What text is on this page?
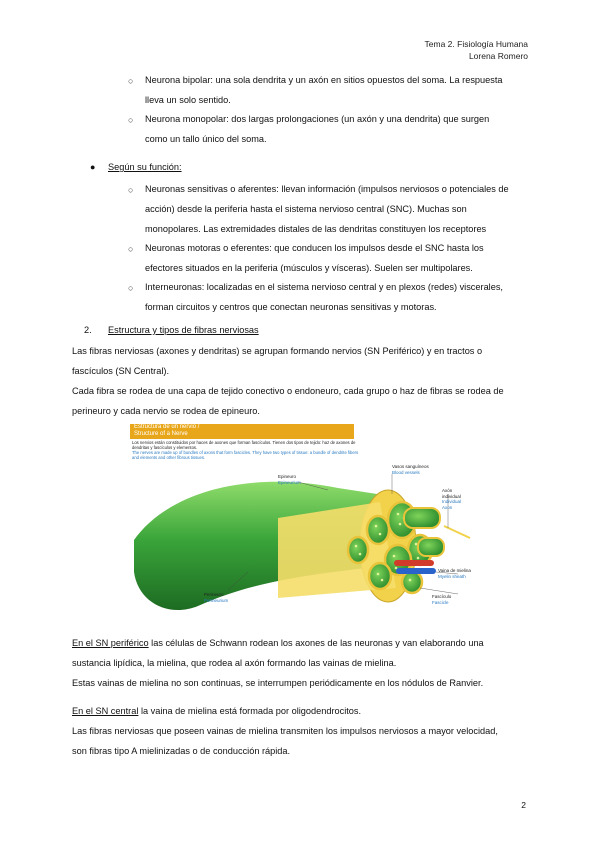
Tema 2. Fisiología Humana
Lorena Romero
○ Neurona bipolar: una sola dendrita y un axón en sitios opuestos del soma. La respuesta
lleva un solo sentido.
○ Neurona monopolar: dos largas prolongaciones (un axón y una dendrita) que surgen
como un tallo único del soma.
● Según su función:
○ Neuronas sensitivas o aferentes: llevan información (impulsos nerviosos o potenciales de
acción) desde la periferia hasta el sistema nervioso central (SNC). Muchas son
monopolares. Las extremidades distales de las dendritas constituyen los receptores
○ Neuronas motoras o eferentes: que conducen los impulsos desde el SNC hasta los
efectores situados en la periferia (músculos y vísceras). Suelen ser multipolares.
○ Interneuronas: localizadas en el sistema nervioso central y en plexos (redes) viscerales,
forman circuitos y centros que conectan neuronas sensitivas y motoras.
2. Estructura y tipos de fibras nerviosas
Las fibras nerviosas (axones y dendritas) se agrupan formando nervios (SN Periférico) y en tractos o
fascículos (SN Central).
Cada fibra se rodea de una capa de tejido conectivo o endoneuro, cada grupo o haz de fibras se rodea de
perineuro y cada nervio se rodea de epineuro.
Estructura de un nervio /
Structure of a Nerve
Los nervios están constituidos por haces de axones que forman fascículos. Tienen dos tipos de tejido: haz de axones de dendritas y fascículos y elementos.
The nerves are made up of bundles of axons that form fascicles. They have two types of tissue: a bundle of dendrite fibers and elements and other fibrous tissues.
Epineuro
Epineurium
Vasos sanguíneos
Blood vessels
Axón individual
Individual Axon
Vaina de mielina
Myelin sheath
Fascículo
Fascicle
Perineuro
Perineurium
En el SN periférico las células de Schwann rodean los axones de las neuronas y van elaborando una
sustancia lipídica, la mielina, que rodea al axón formando las vainas de mielina.
Estas vainas de mielina no son continuas, se interrumpen periódicamente en los nódulos de Ranvier.
En el SN central la vaina de mielina está formada por oligodendrocitos.
Las fibras nerviosas que poseen vainas de mielina transmiten los impulsos nerviosos a mayor velocidad,
son fibras tipo A mielinizadas o de conducción rápida.
2
